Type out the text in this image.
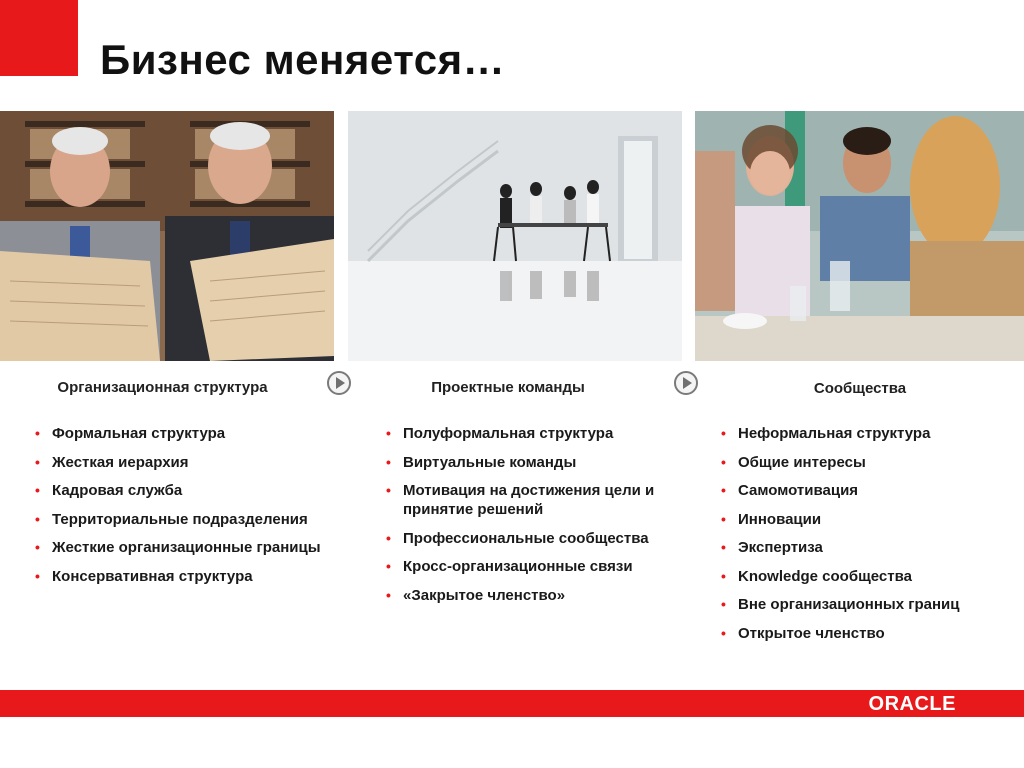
Бизнес меняется…
Организационная структура	Проектные команды	Сообщества
• Формальная структура
• Жесткая иерархия
• Кадровая служба
• Территориальные подразделения
• Жесткие организационные границы
• Консервативная структура
• Полуформальная структура
• Виртуальные команды
• Мотивация на достижения цели и принятие решений
• Профессиональные сообщества
• Кросс-организационные связи
• «Закрытое членство»
• Неформальная структура
• Общие интересы
• Самомотивация
• Инновации
• Экспертиза
• Knowledge сообщества
• Вне организационных границ
• Открытое членство
ORACLE
